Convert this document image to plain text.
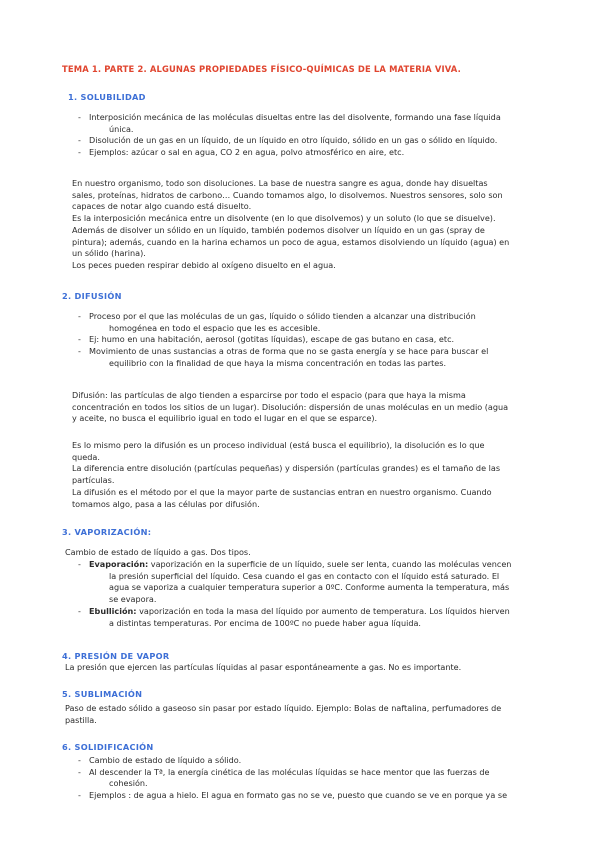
TEMA 1. PARTE 2. ALGUNAS PROPIEDADES FÍSICO-QUÍMICAS DE LA MATERIA VIVA.
1. SOLUBILIDAD
- Interposición mecánica de las moléculas disueltas entre las del disolvente, formando una fase líquida
única.
- Disolución de un gas en un líquido, de un líquido en otro líquido, sólido en un gas o sólido en líquido.
- Ejemplos: azúcar o sal en agua, CO 2 en agua, polvo atmosférico en aire, etc.
En nuestro organismo, todo son disoluciones. La base de nuestra sangre es agua, donde hay disueltas
sales, proteínas, hidratos de carbono… Cuando tomamos algo, lo disolvemos. Nuestros sensores, solo son
capaces de notar algo cuando está disuelto.
Es la interposición mecánica entre un disolvente (en lo que disolvemos) y un soluto (lo que se disuelve).
Además de disolver un sólido en un líquido, también podemos disolver un líquido en un gas (spray de
pintura); además, cuando en la harina echamos un poco de agua, estamos disolviendo un líquido (agua) en
un sólido (harina).
Los peces pueden respirar debido al oxígeno disuelto en el agua.
2. DIFUSIÓN
- Proceso por el que las moléculas de un gas, líquido o sólido tienden a alcanzar una distribución
homogénea en todo el espacio que les es accesible.
- Ej: humo en una habitación, aerosol (gotitas líquidas), escape de gas butano en casa, etc.
- Movimiento de unas sustancias a otras de forma que no se gasta energía y se hace para buscar el
equilibrio con la finalidad de que haya la misma concentración en todas las partes.
Difusión: las partículas de algo tienden a esparcirse por todo el espacio (para que haya la misma
concentración en todos los sitios de un lugar). Disolución: dispersión de unas moléculas en un medio (agua
y aceite, no busca el equilibrio igual en todo el lugar en el que se esparce).
Es lo mismo pero la difusión es un proceso individual (está busca el equilibrio), la disolución es lo que
queda.
La diferencia entre disolución (partículas pequeñas) y dispersión (partículas grandes) es el tamaño de las
partículas.
La difusión es el método por el que la mayor parte de sustancias entran en nuestro organismo. Cuando
tomamos algo, pasa a las células por difusión.
3. VAPORIZACIÓN:
Cambio de estado de líquido a gas. Dos tipos.
- Evaporación: vaporización en la superficie de un líquido, suele ser lenta, cuando las moléculas vencen
la presión superficial del líquido. Cesa cuando el gas en contacto con el líquido está saturado. El
agua se vaporiza a cualquier temperatura superior a 0ºC. Conforme aumenta la temperatura, más
se evapora.
- Ebullición: vaporización en toda la masa del líquido por aumento de temperatura. Los líquidos hierven
a distintas temperaturas. Por encima de 100ºC no puede haber agua líquida.
4. PRESIÓN DE VAPOR
La presión que ejercen las partículas líquidas al pasar espontáneamente a gas. No es importante.
5. SUBLIMACIÓN
Paso de estado sólido a gaseoso sin pasar por estado líquido. Ejemplo: Bolas de naftalina, perfumadores de
pastilla.
6. SOLIDIFICACIÓN
- Cambio de estado de líquido a sólido.
- Al descender la Tª, la energía cinética de las moléculas líquidas se hace mentor que las fuerzas de
cohesión.
- Ejemplos : de agua a hielo. El agua en formato gas no se ve, puesto que cuando se ve en porque ya se
